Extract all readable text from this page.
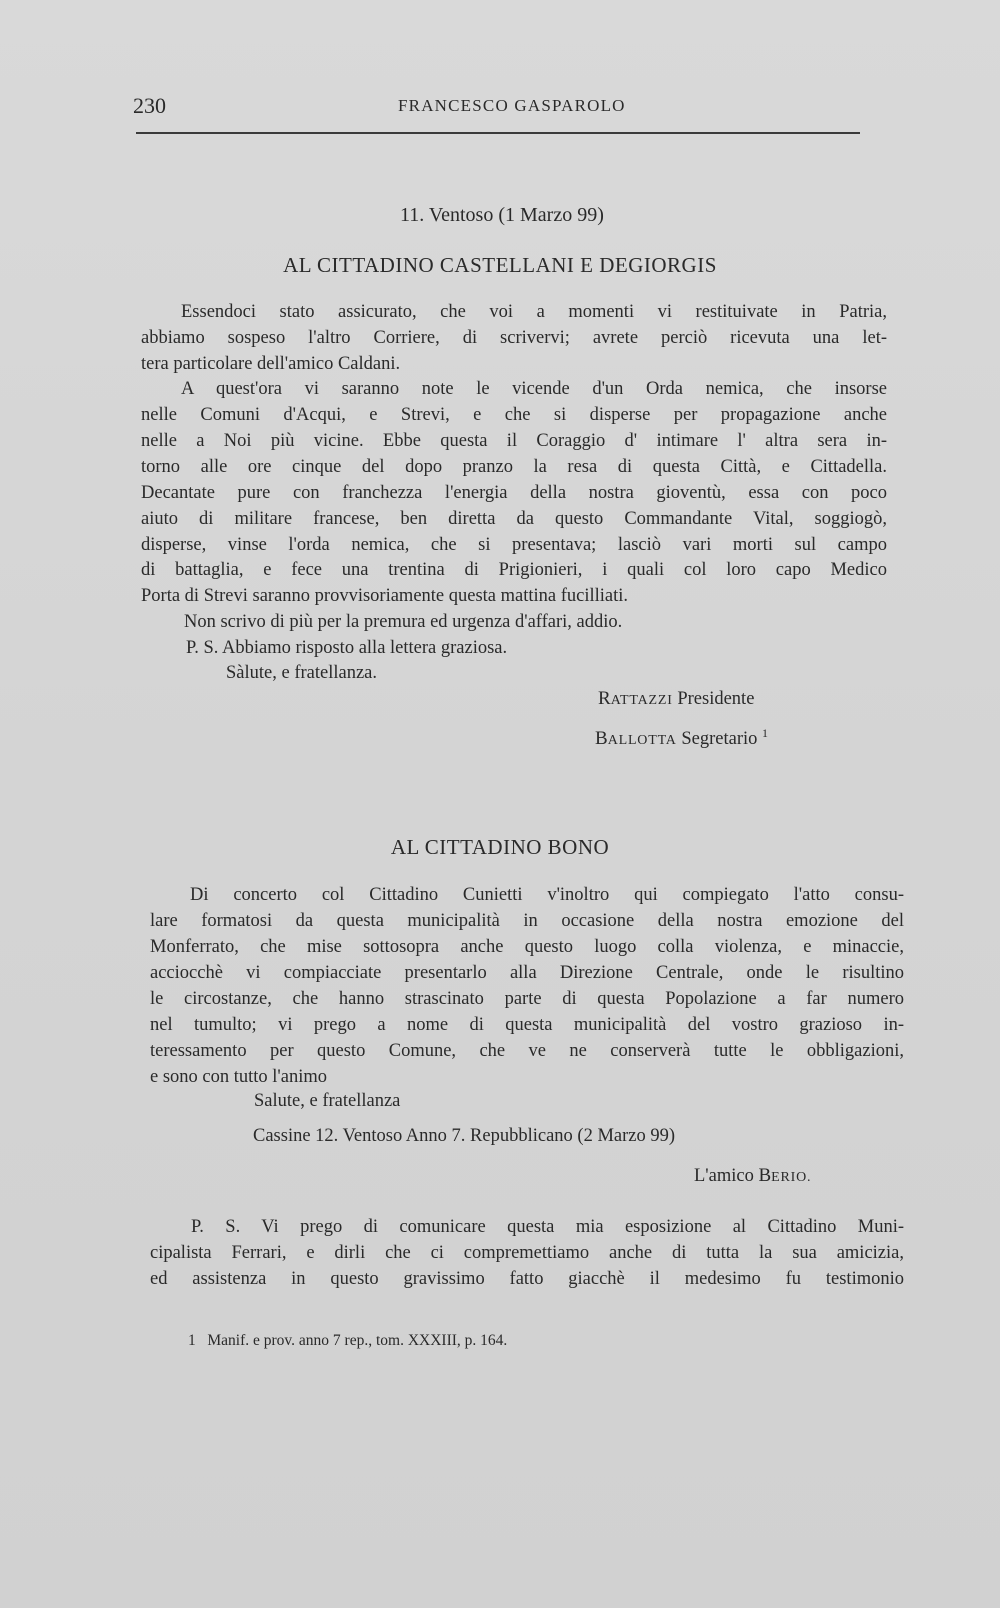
230	FRANCESCO GASPAROLO
11. Ventoso (1 Marzo 99)
AL CITTADINO CASTELLANI E DEGIORGIS
Essendoci stato assicurato, che voi a momenti vi restituivate in Patria,
abbiamo sospeso l'altro Corriere, di scrivervi; avrete perciò ricevuta una let-
tera particolare dell'amico Caldani.
A quest'ora vi saranno note le vicende d'un Orda nemica, che insorse
nelle Comuni d'Acqui, e Strevi, e che si disperse per propagazione anche
nelle a Noi più vicine. Ebbe questa il Coraggio d' intimare l' altra sera in-
torno alle ore cinque del dopo pranzo la resa di questa Città, e Cittadella.
Decantate pure con franchezza l'energia della nostra gioventù, essa con poco
aiuto di militare francese, ben diretta da questo Commandante Vital, soggiogò,
disperse, vinse l'orda nemica, che si presentava; lasciò vari morti sul campo
di battaglia, e fece una trentina di Prigionieri, i quali col loro capo Medico
Porta di Strevi saranno provvisoriamente questa mattina fucilliati.
Non scrivo di più per la premura ed urgenza d'affari, addio.
P. S. Abbiamo risposto alla lettera graziosa.
Sàlute, e fratellanza.
RATTAZZI Presidente
BALLOTTA Segretario $^1$
AL CITTADINO BONO
Di concerto col Cittadino Cunietti v'inoltro qui compiegato l'atto consu-
lare formatosi da questa municipalità in occasione della nostra emozione del
Monferrato, che mise sottosopra anche questo luogo colla violenza, e minaccie,
acciocchè vi compiacciate presentarlo alla Direzione Centrale, onde le risultino
le circostanze, che hanno strascinato parte di questa Popolazione a far numero
nel tumulto; vi prego a nome di questa municipalità del vostro grazioso in-
teressamento per questo Comune, che ve ne conserverà tutte le obbligazioni,
e sono con tutto l'animo
Salute, e fratellanza
Cassine 12. Ventoso Anno 7. Repubblicano (2 Marzo 99)
L'amico BERIO.
P. S. Vi prego di comunicare questa mia esposizione al Cittadino Muni-
cipalista Ferrari, e dirli che ci compremettiamo anche di tutta la sua amicizia,
ed assistenza in questo gravissimo fatto giacchè il medesimo fu testimonio
1 Manif. e prov. anno 7 rep., tom. XXXIII, p. 164.
